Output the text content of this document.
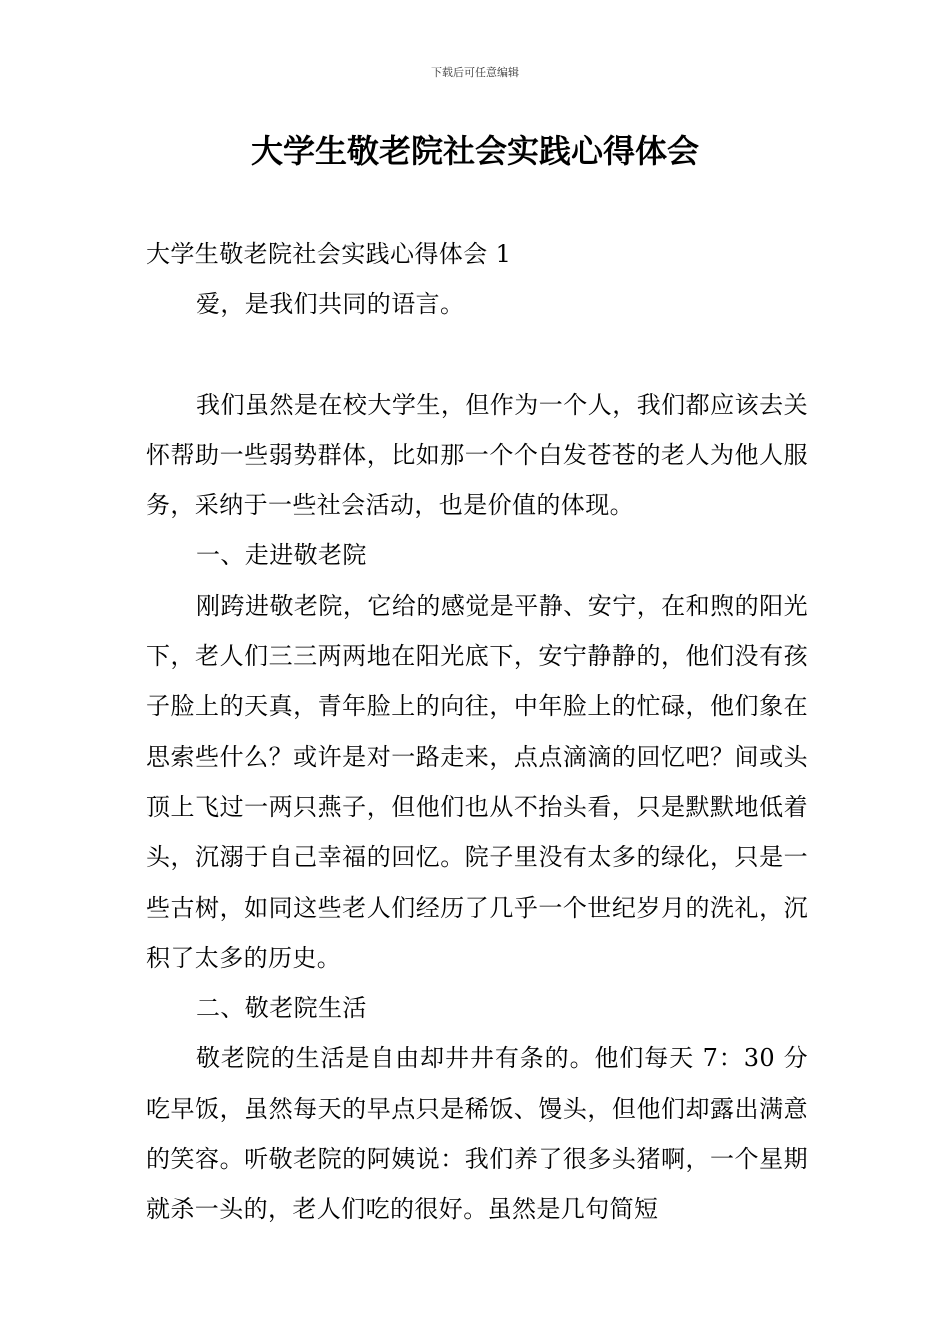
下载后可任意编辑
大学生敬老院社会实践心得体会

大学生敬老院社会实践心得体会 1

爱，是我们共同的语言。

我们虽然是在校大学生，但作为一个人，我们都应该去关怀帮助一些弱势群体，比如那一个个白发苍苍的老人为他人服务，采纳于一些社会活动，也是价值的体现。

一、走进敬老院

刚跨进敬老院，它给的感觉是平静、安宁，在和煦的阳光下，老人们三三两两地在阳光底下，安宁静静的，他们没有孩子脸上的天真，青年脸上的向往，中年脸上的忙碌，他们象在思索些什么？或许是对一路走来，点点滴滴的回忆吧？间或头顶上飞过一两只燕子，但他们也从不抬头看，只是默默地低着头，沉溺于自己幸福的回忆。院子里没有太多的绿化，只是一些古树，如同这些老人们经历了几乎一个世纪岁月的洗礼，沉积了太多的历史。

二、敬老院生活

敬老院的生活是自由却井井有条的。他们每天 7：30 分吃早饭，虽然每天的早点只是稀饭、馒头，但他们却露出满意的笑容。听敬老院的阿姨说：我们养了很多头猪啊，一个星期就杀一头的，老人们吃的很好。虽然是几句简短
